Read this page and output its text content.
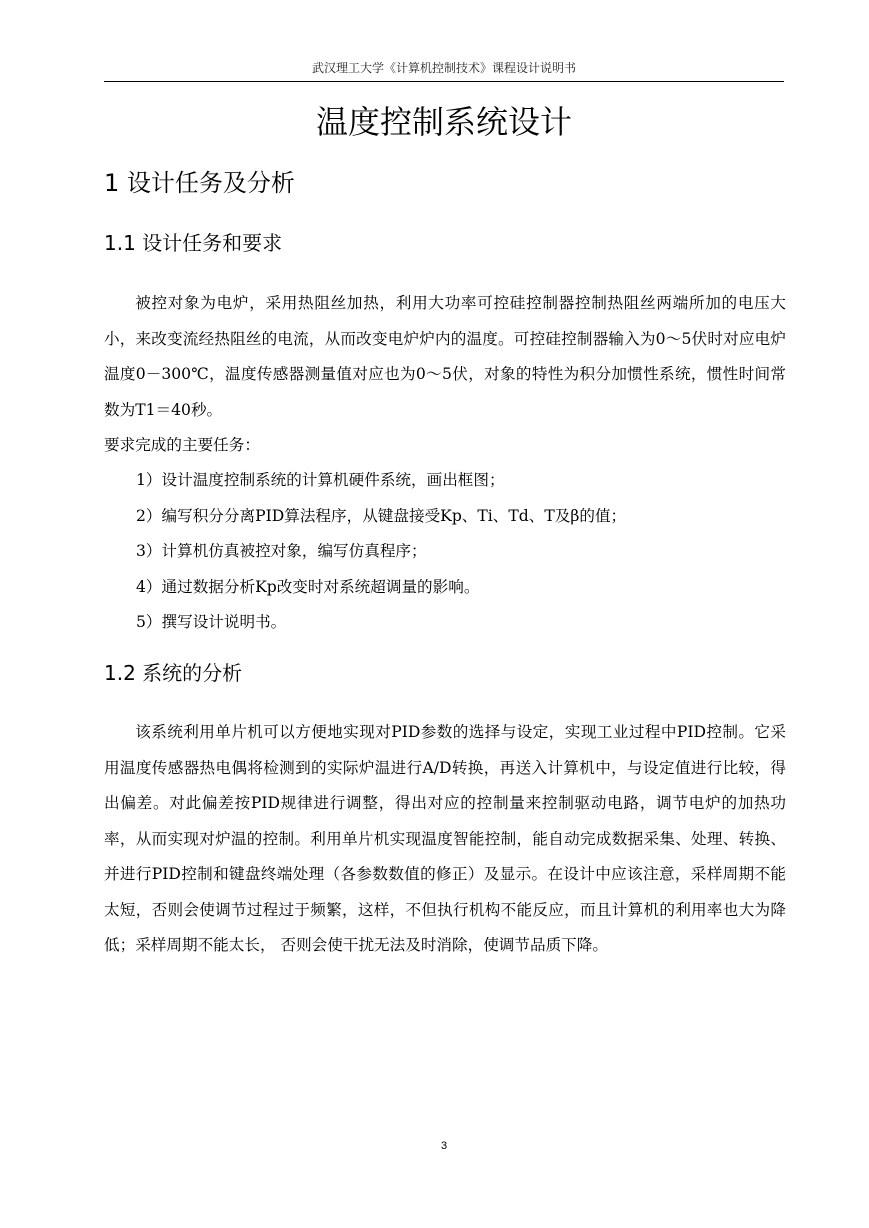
武汉理工大学《计算机控制技术》课程设计说明书
温度控制系统设计
1 设计任务及分析
1.1 设计任务和要求
被控对象为电炉，采用热阻丝加热，利用大功率可控硅控制器控制热阻丝两端所加的电压大小，来改变流经热阻丝的电流，从而改变电炉炉内的温度。可控硅控制器输入为0～5伏时对应电炉温度0－300℃，温度传感器测量值对应也为0～5伏，对象的特性为积分加惯性系统，惯性时间常数为T1＝40秒。
要求完成的主要任务：
1）设计温度控制系统的计算机硬件系统，画出框图；
2）编写积分分离PID算法程序，从键盘接受Kp、Ti、Td、T及β的值；
3）计算机仿真被控对象，编写仿真程序；
4）通过数据分析Kp改变时对系统超调量的影响。
5）撰写设计说明书。
1.2 系统的分析
该系统利用单片机可以方便地实现对PID参数的选择与设定，实现工业过程中PID控制。它采用温度传感器热电偶将检测到的实际炉温进行A/D转换，再送入计算机中，与设定值进行比较，得出偏差。对此偏差按PID规律进行调整，得出对应的控制量来控制驱动电路，调节电炉的加热功率，从而实现对炉温的控制。利用单片机实现温度智能控制，能自动完成数据采集、处理、转换、并进行PID控制和键盘终端处理（各参数数值的修正）及显示。在设计中应该注意，采样周期不能太短，否则会使调节过程过于频繁，这样，不但执行机构不能反应，而且计算机的利用率也大为降低；采样周期不能太长， 否则会使干扰无法及时消除，使调节品质下降。
3
